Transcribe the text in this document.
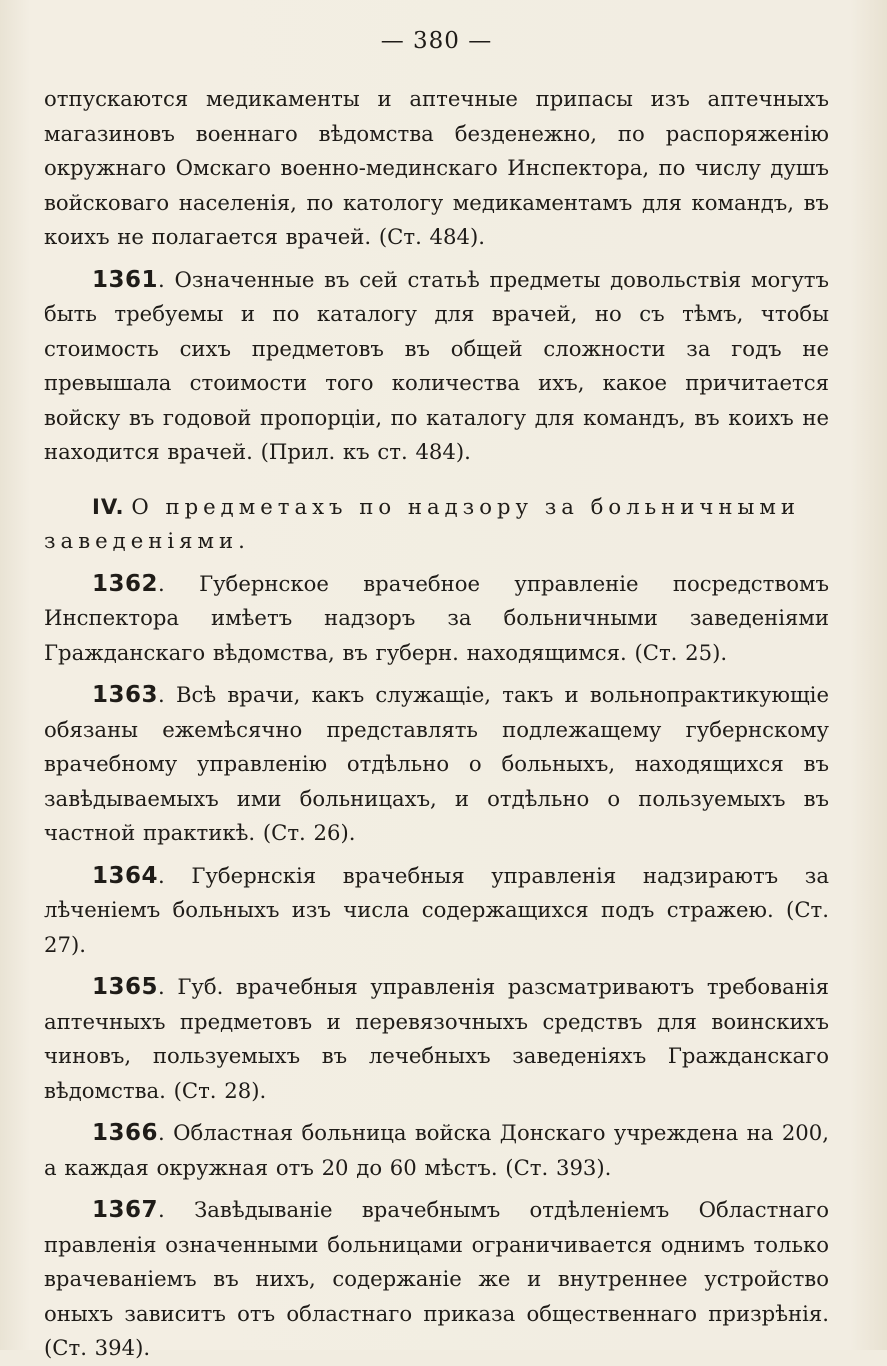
— 380 —

отпускаются медикаменты и аптечные припасы изъ аптечныхъ магазиновъ военнаго вѣдомства безденежно, по распоряженію окружнаго Омскаго военно-мединскаго Инспектора, по числу душъ войсковаго населенія, по катологу медикаментамъ для командъ, въ коихъ не полагается врачей. (Ст. 484).

1361. Означенные въ сей статьѣ предметы довольствія могутъ быть требуемы и по каталогу для врачей, но съ тѣмъ, чтобы стоимость сихъ предметовъ въ общей сложности за годъ не превышала стоимости того количества ихъ, какое причитается войску въ годовой пропорціи, по каталогу для командъ, въ коихъ не находится врачей. (Прил. къ ст. 484).

IV. О предметахъ по надзору за больничными заведеніями.

1362. Губернское врачебное управленіе посредствомъ Инспектора имѣетъ надзоръ за больничными заведеніями Гражданскаго вѣдомства, въ губерн. находящимся. (Ст. 25).

1363. Всѣ врачи, какъ служащіе, такъ и вольнопрактикующіе обязаны ежемѣсячно представлять подлежащему губернскому врачебному управленію отдѣльно о больныхъ, находящихся въ завѣдываемыхъ ими больницахъ, и отдѣльно о пользуемыхъ въ частной практикѣ. (Ст. 26).

1364. Губернскія врачебныя управленія надзираютъ за лѣченіемъ больныхъ изъ числа содержащихся подъ стражею. (Ст. 27).

1365. Губ. врачебныя управленія разсматриваютъ требованія аптечныхъ предметовъ и перевязочныхъ средствъ для воинскихъ чиновъ, пользуемыхъ въ лечебныхъ заведеніяхъ Гражданскаго вѣдомства. (Ст. 28).

1366. Областная больница войска Донскаго учреждена на 200, а каждая окружная отъ 20 до 60 мѣстъ. (Ст. 393).

1367. Завѣдываніе врачебнымъ отдѣленіемъ Областнаго правленія означенными больницами ограничивается однимъ только врачеваніемъ въ нихъ, содержаніе же и внутреннее устройство оныхъ зависитъ отъ областнаго приказа общественнаго призрѣнія. (Ст. 394).
